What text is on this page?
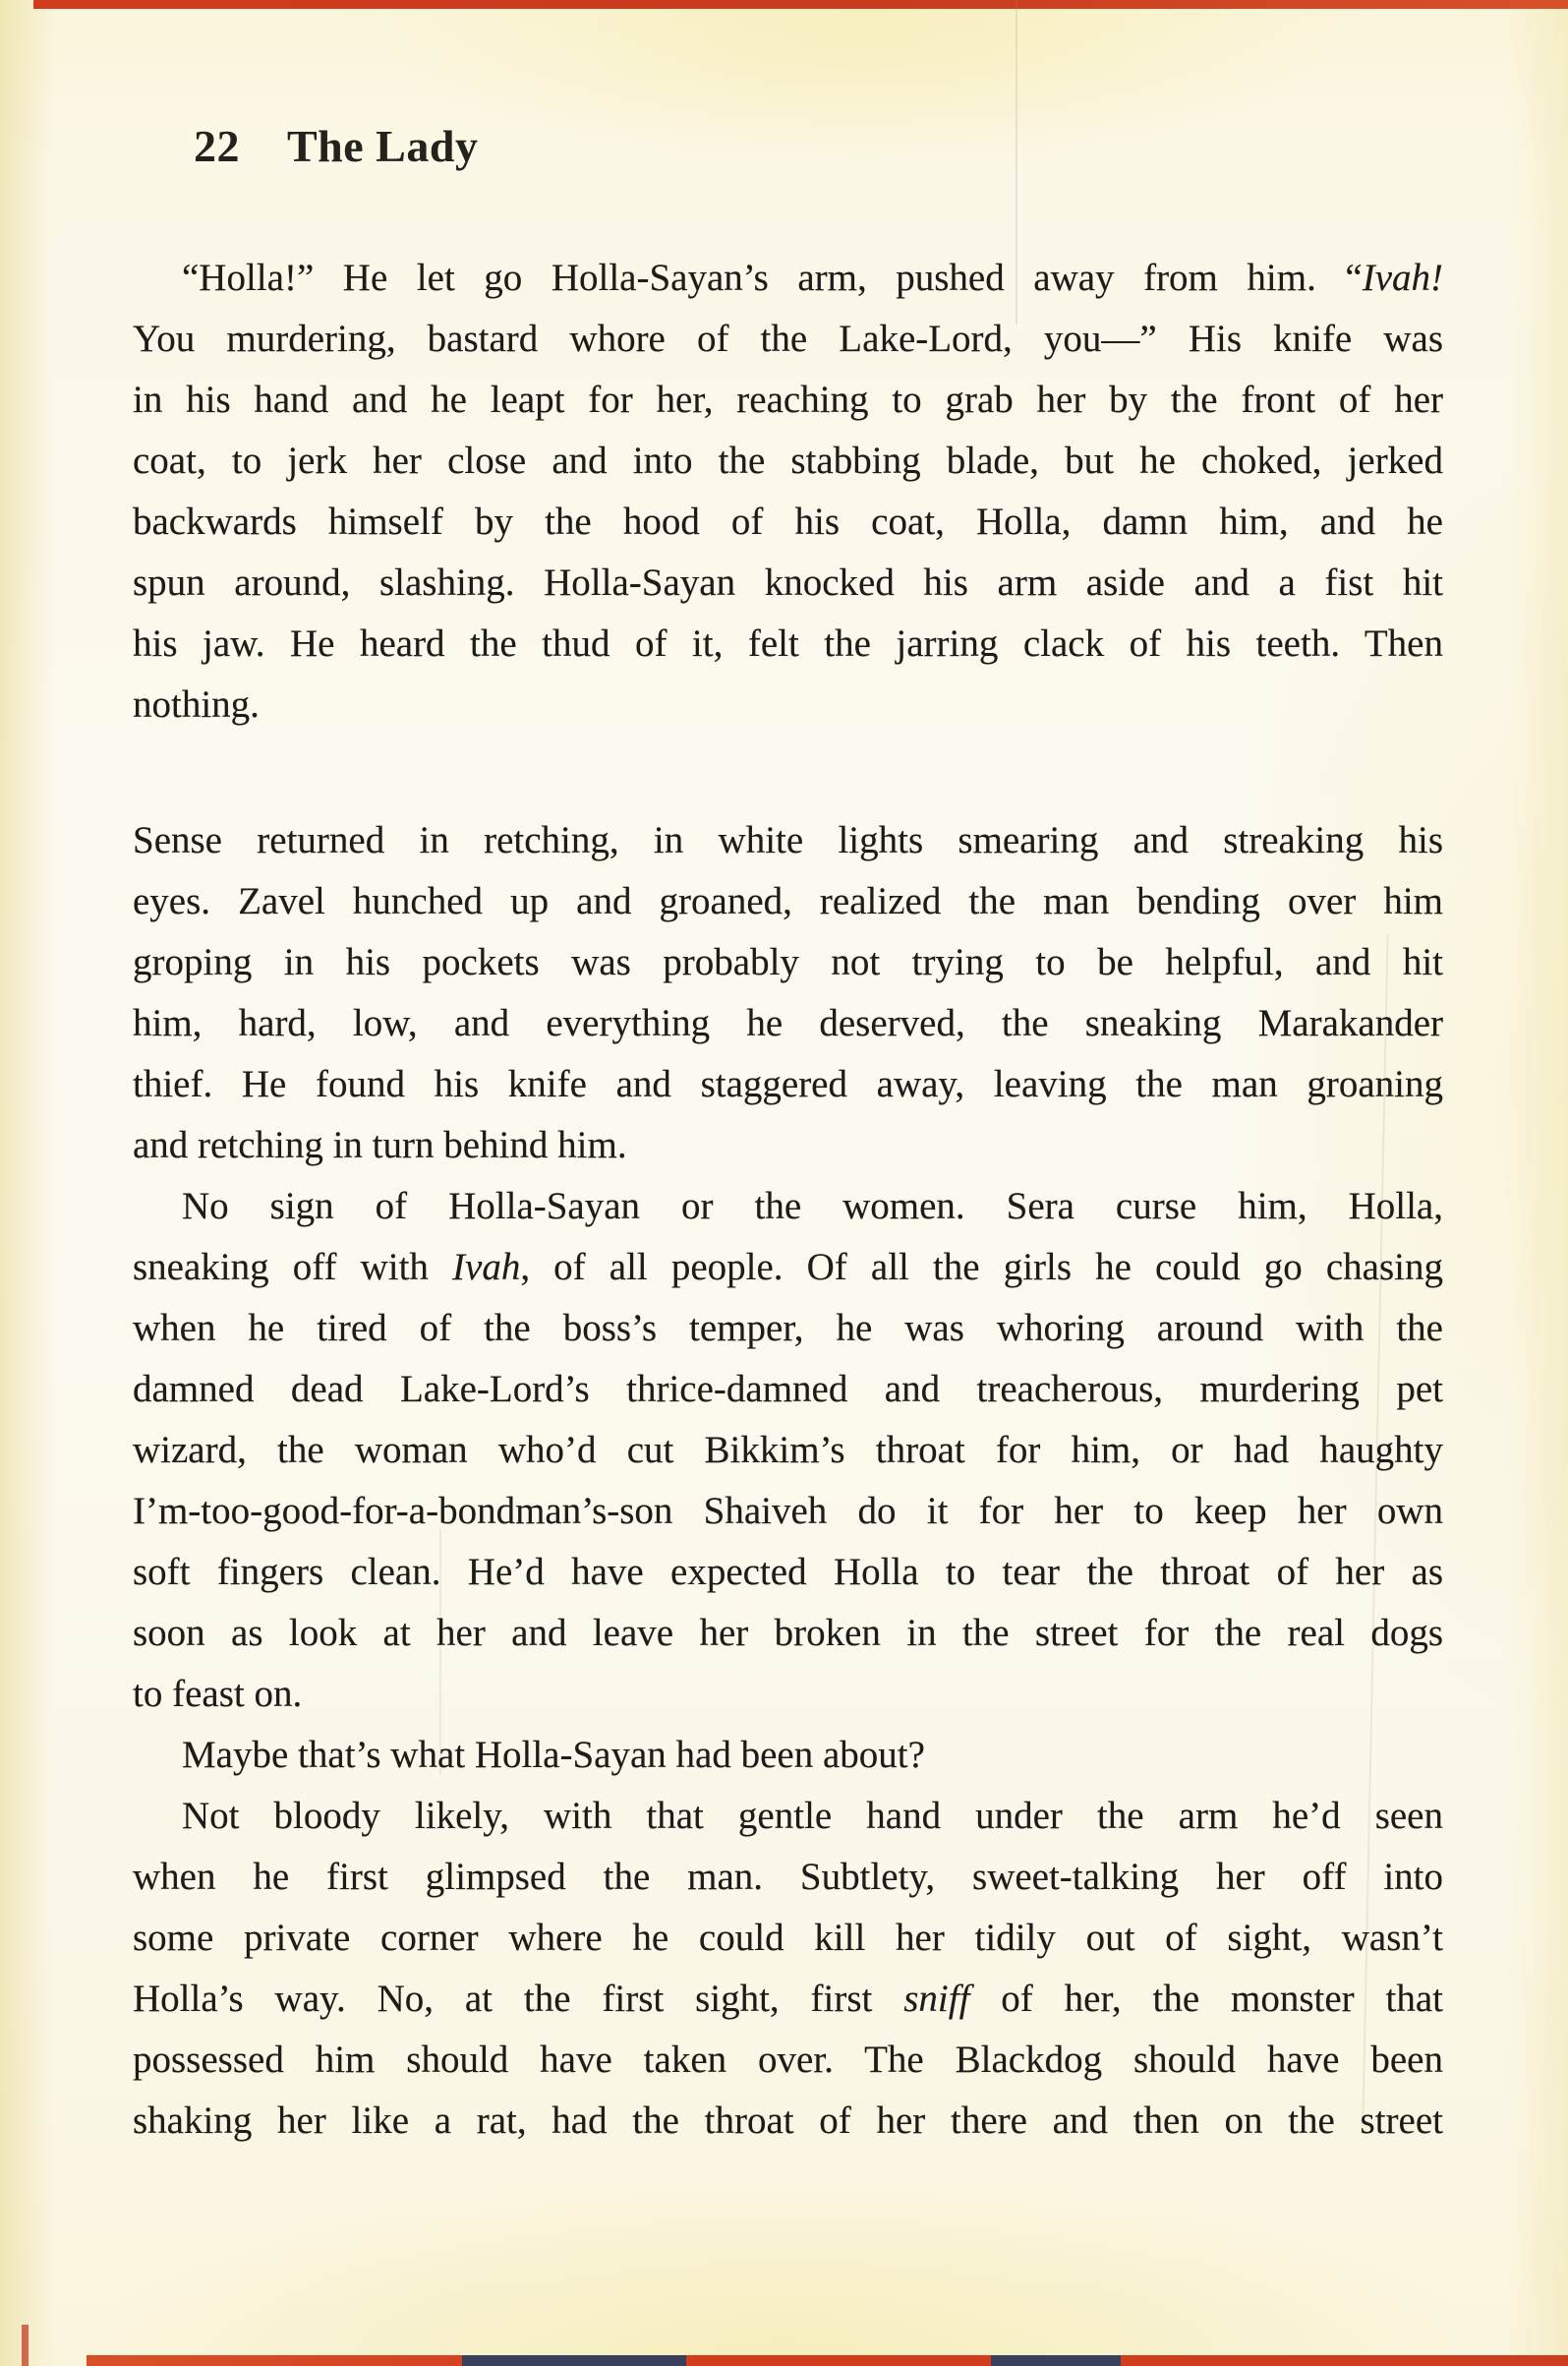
22 The Lady
“Holla!” He let go Holla-Sayan’s arm, pushed away from him. “Ivah!
You murdering, bastard whore of the Lake-Lord, you—” His knife was
in his hand and he leapt for her, reaching to grab her by the front of her
coat, to jerk her close and into the stabbing blade, but he choked, jerked
backwards himself by the hood of his coat, Holla, damn him, and he
spun around, slashing. Holla-Sayan knocked his arm aside and a fist hit
his jaw. He heard the thud of it, felt the jarring clack of his teeth. Then
nothing.
Sense returned in retching, in white lights smearing and streaking his
eyes. Zavel hunched up and groaned, realized the man bending over him
groping in his pockets was probably not trying to be helpful, and hit
him, hard, low, and everything he deserved, the sneaking Marakander
thief. He found his knife and staggered away, leaving the man groaning
and retching in turn behind him.
No sign of Holla-Sayan or the women. Sera curse him, Holla,
sneaking off with Ivah, of all people. Of all the girls he could go chasing
when he tired of the boss’s temper, he was whoring around with the
damned dead Lake-Lord’s thrice-damned and treacherous, murdering pet
wizard, the woman who’d cut Bikkim’s throat for him, or had haughty
I’m-too-good-for-a-bondman’s-son Shaiveh do it for her to keep her own
soft fingers clean. He’d have expected Holla to tear the throat of her as
soon as look at her and leave her broken in the street for the real dogs
to feast on.
Maybe that’s what Holla-Sayan had been about?
Not bloody likely, with that gentle hand under the arm he’d seen
when he first glimpsed the man. Subtlety, sweet-talking her off into
some private corner where he could kill her tidily out of sight, wasn’t
Holla’s way. No, at the first sight, first sniff of her, the monster that
possessed him should have taken over. The Blackdog should have been
shaking her like a rat, had the throat of her there and then on the street
